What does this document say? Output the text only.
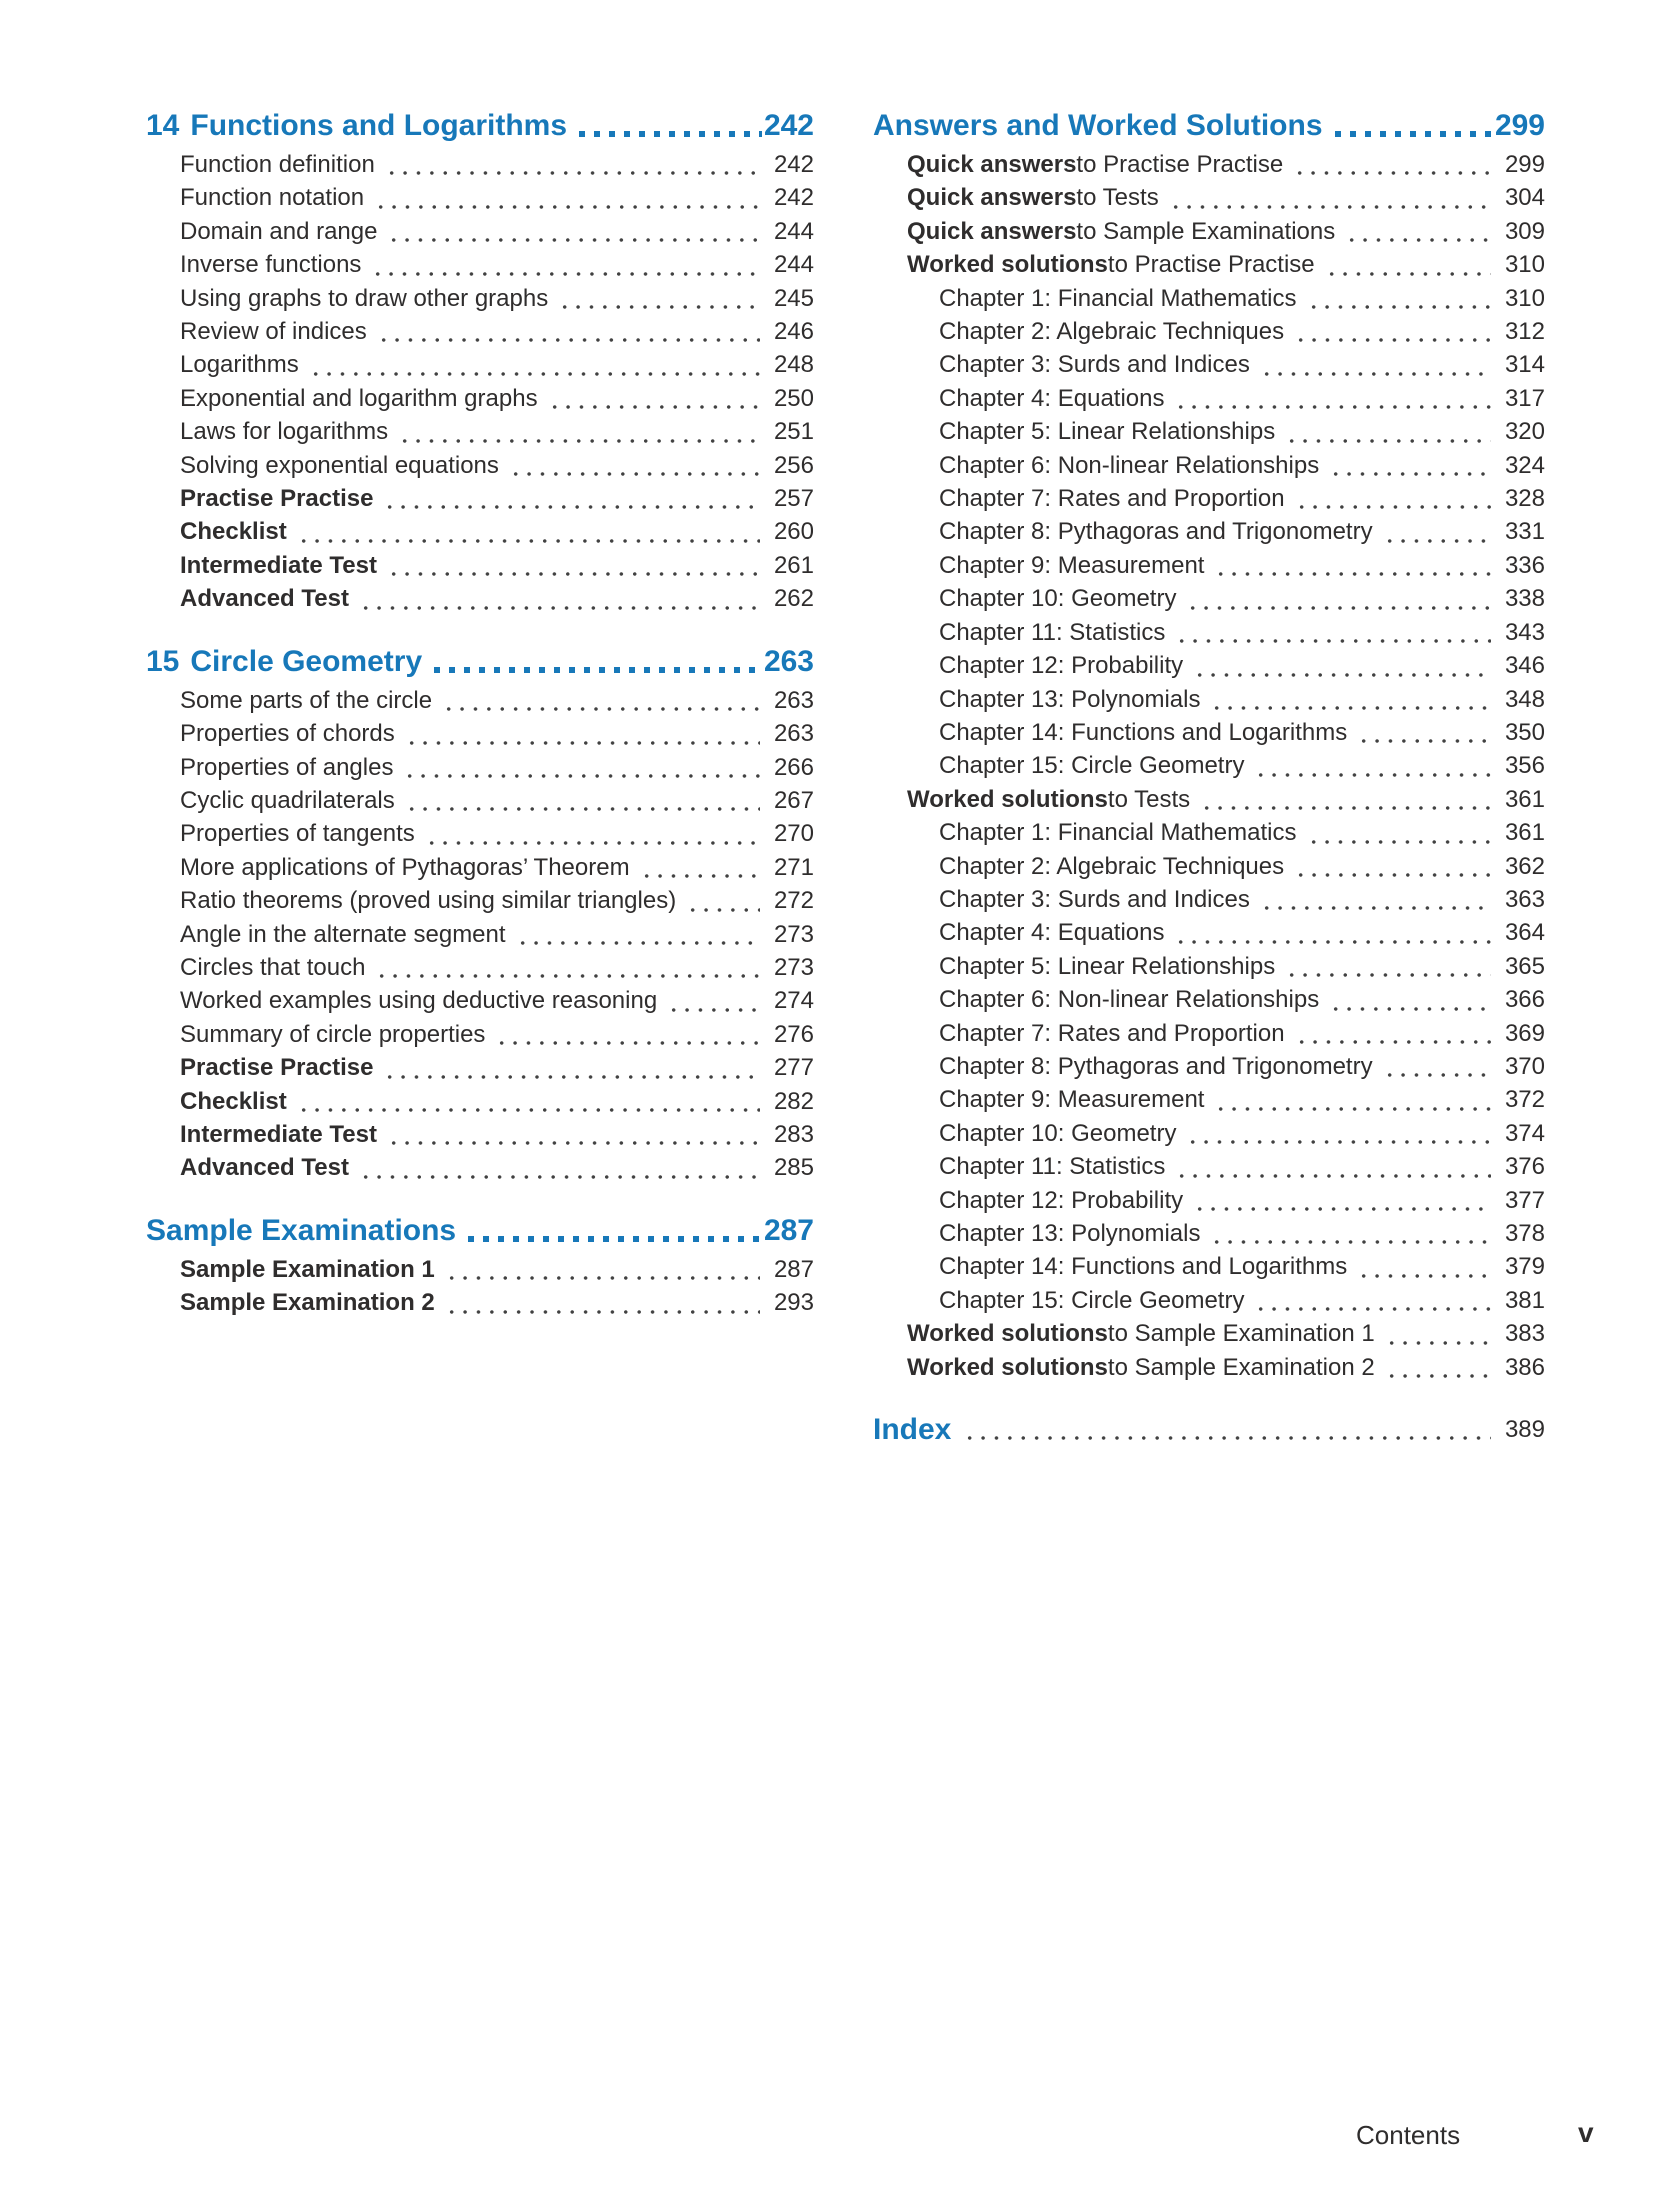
14 Functions and Logarithms	242
Function definition	242
Function notation	242
Domain and range	244
Inverse functions	244
Using graphs to draw other graphs	245
Review of indices	246
Logarithms	248
Exponential and logarithm graphs	250
Laws for logarithms	251
Solving exponential equations	256
Practise Practise	257
Checklist	260
Intermediate Test	261
Advanced Test	262
15 Circle Geometry	263
Some parts of the circle	263
Properties of chords	263
Properties of angles	266
Cyclic quadrilaterals	267
Properties of tangents	270
More applications of Pythagoras’ Theorem	271
Ratio theorems (proved using similar triangles)	272
Angle in the alternate segment	273
Circles that touch	273
Worked examples using deductive reasoning	274
Summary of circle properties	276
Practise Practise	277
Checklist	282
Intermediate Test	283
Advanced Test	285
Sample Examinations	287
Sample Examination 1	287
Sample Examination 2	293
Answers and Worked Solutions	299
Quick answers to Practise Practise	299
Quick answers to Tests	304
Quick answers to Sample Examinations	309
Worked solutions to Practise Practise	310
Chapter 1: Financial Mathematics	310
Chapter 2: Algebraic Techniques	312
Chapter 3: Surds and Indices	314
Chapter 4: Equations	317
Chapter 5: Linear Relationships	320
Chapter 6: Non-linear Relationships	324
Chapter 7: Rates and Proportion	328
Chapter 8: Pythagoras and Trigonometry	331
Chapter 9: Measurement	336
Chapter 10: Geometry	338
Chapter 11: Statistics	343
Chapter 12: Probability	346
Chapter 13: Polynomials	348
Chapter 14: Functions and Logarithms	350
Chapter 15: Circle Geometry	356
Worked solutions to Tests	361
Chapter 1: Financial Mathematics	361
Chapter 2: Algebraic Techniques	362
Chapter 3: Surds and Indices	363
Chapter 4: Equations	364
Chapter 5: Linear Relationships	365
Chapter 6: Non-linear Relationships	366
Chapter 7: Rates and Proportion	369
Chapter 8: Pythagoras and Trigonometry	370
Chapter 9: Measurement	372
Chapter 10: Geometry	374
Chapter 11: Statistics	376
Chapter 12: Probability	377
Chapter 13: Polynomials	378
Chapter 14: Functions and Logarithms	379
Chapter 15: Circle Geometry	381
Worked solutions to Sample Examination 1	383
Worked solutions to Sample Examination 2	386
Index	389
Contents	v
